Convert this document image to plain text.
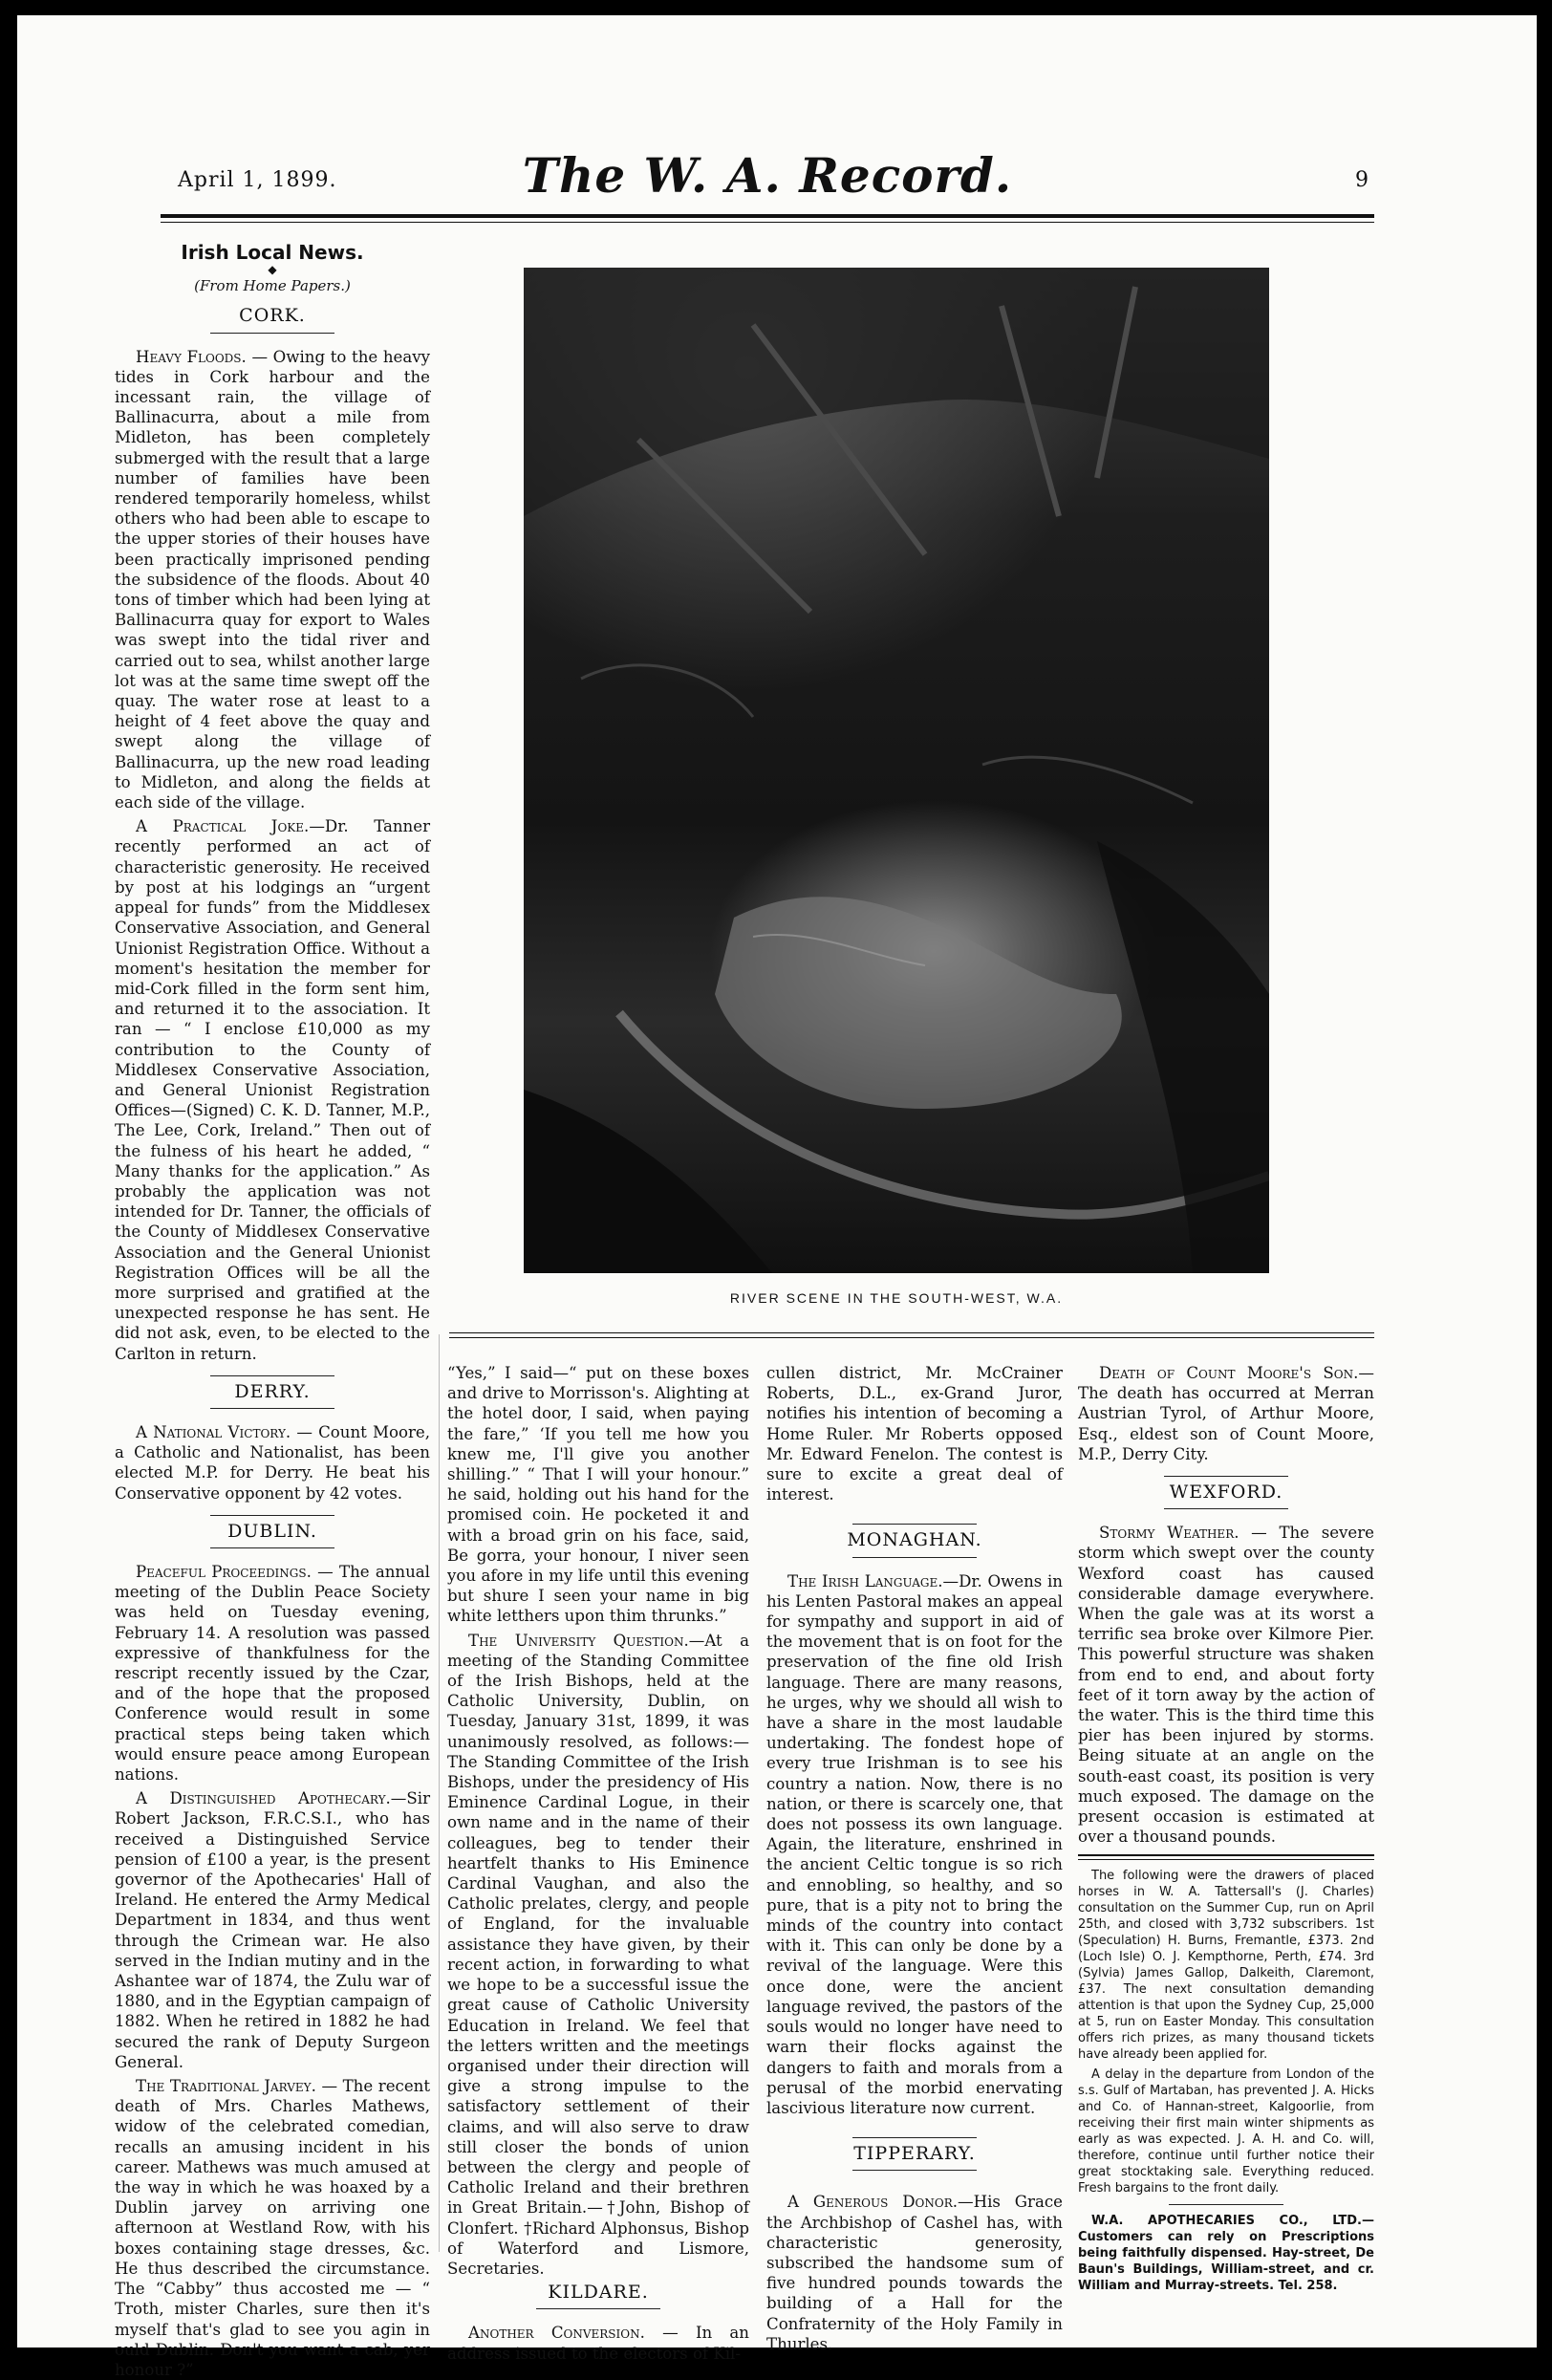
April 1, 1899.	The W. A. Record.	9
Irish Local News.
◆
(From Home Papers.)
CORK.

Heavy Floods. — Owing to the heavy tides in Cork harbour and the incessant rain, the village of Ballinacurra, about a mile from Midleton, has been completely submerged with the result that a large number of families have been rendered temporarily homeless, whilst others who had been able to escape to the upper stories of their houses have been practically imprisoned pending the subsidence of the floods. About 40 tons of timber which had been lying at Ballinacurra quay for export to Wales was swept into the tidal river and carried out to sea, whilst another large lot was at the same time swept off the quay. The water rose at least to a height of 4 feet above the quay and swept along the village of Ballinacurra, up the new road leading to Midleton, and along the fields at each side of the village.

A Practical Joke.—Dr. Tanner recently performed an act of characteristic generosity. He received by post at his lodgings an “urgent appeal for funds” from the Middlesex Conservative Association, and General Unionist Registration Office. Without a moment's hesitation the member for mid-Cork filled in the form sent him, and returned it to the association. It ran — “ I enclose £10,000 as my contribution to the County of Middlesex Conservative Association, and General Unionist Registration Offices—(Signed) C. K. D. Tanner, M.P., The Lee, Cork, Ireland.” Then out of the fulness of his heart he added, “ Many thanks for the application.” As probably the application was not intended for Dr. Tanner, the officials of the County of Middlesex Conservative Association and the General Unionist Registration Offices will be all the more surprised and gratified at the unexpected response he has sent. He did not ask, even, to be elected to the Carlton in return.

DERRY.

A National Victory. — Count Moore, a Catholic and Nationalist, has been elected M.P. for Derry. He beat his Conservative opponent by 42 votes.

DUBLIN.

Peaceful Proceedings. — The annual meeting of the Dublin Peace Society was held on Tuesday evening, February 14. A resolution was passed expressive of thankfulness for the rescript recently issued by the Czar, and of the hope that the proposed Conference would result in some practical steps being taken which would ensure peace among European nations.

A Distinguished Apothecary.—Sir Robert Jackson, F.R.C.S.I., who has received a Distinguished Service pension of £100 a year, is the present governor of the Apothecaries' Hall of Ireland. He entered the Army Medical Department in 1834, and thus went through the Crimean war. He also served in the Indian mutiny and in the Ashantee war of 1874, the Zulu war of 1880, and in the Egyptian campaign of 1882. When he retired in 1882 he had secured the rank of Deputy Surgeon General.

The Traditional Jarvey. — The recent death of Mrs. Charles Mathews, widow of the celebrated comedian, recalls an amusing incident in his career. Mathews was much amused at the way in which he was hoaxed by a Dublin jarvey on arriving one afternoon at Westland Row, with his boxes containing stage dresses, &c. He thus described the circumstance. The “Cabby” thus accosted me — “ Troth, mister Charles, sure then it's myself that's glad to see you agin in ould Dublin. Don't you want a cab, yer honour ?”

RIVER SCENE IN THE SOUTH-WEST, W.A.

“Yes,” I said—“ put on these boxes and drive to Morrisson's. Alighting at the hotel door, I said, when paying the fare,” ‘If you tell me how you knew me, I'll give you another shilling.” “ That I will your honour.” he said, holding out his hand for the promised coin. He pocketed it and with a broad grin on his face, said, Be gorra, your honour, I niver seen you afore in my life until this evening but shure I seen your name in big white letthers upon thim thrunks.”

The University Question.—At a meeting of the Standing Committee of the Irish Bishops, held at the Catholic University, Dublin, on Tuesday, January 31st, 1899, it was unanimously resolved, as follows:—The Standing Committee of the Irish Bishops, under the presidency of His Eminence Cardinal Logue, in their own name and in the name of their colleagues, beg to tender their heartfelt thanks to His Eminence Cardinal Vaughan, and also the Catholic prelates, clergy, and people of England, for the invaluable assistance they have given, by their recent action, in forwarding to what we hope to be a successful issue the great cause of Catholic University Education in Ireland. We feel that the letters written and the meetings organised under their direction will give a strong impulse to the satisfactory settlement of their claims, and will also serve to draw still closer the bonds of union between the clergy and people of Catholic Ireland and their brethren in Great Britain.—†John, Bishop of Clonfert. †Richard Alphonsus, Bishop of Waterford and Lismore, Secretaries.

KILDARE.

Another Conversion. — In an address issued to the electors of Kil-

cullen district, Mr. McCrainer Roberts, D.L., ex-Grand Juror, notifies his intention of becoming a Home Ruler. Mr Roberts opposed Mr. Edward Fenelon. The contest is sure to excite a great deal of interest.

MONAGHAN.

The Irish Language.—Dr. Owens in his Lenten Pastoral makes an appeal for sympathy and support in aid of the movement that is on foot for the preservation of the fine old Irish language. There are many reasons, he urges, why we should all wish to have a share in the most laudable undertaking. The fondest hope of every true Irishman is to see his country a nation. Now, there is no nation, or there is scarcely one, that does not possess its own language. Again, the literature, enshrined in the ancient Celtic tongue is so rich and ennobling, so healthy, and so pure, that is a pity not to bring the minds of the country into contact with it. This can only be done by a revival of the language. Were this once done, were the ancient language revived, the pastors of the souls would no longer have need to warn their flocks against the dangers to faith and morals from a perusal of the morbid enervating lascivious literature now current.

TIPPERARY.

A Generous Donor.—His Grace the Archbishop of Cashel has, with characteristic generosity, subscribed the handsome sum of five hundred pounds towards the building of a Hall for the Confraternity of the Holy Family in Thurles.

Death of Count Moore's Son.— The death has occurred at Merran Austrian Tyrol, of Arthur Moore, Esq., eldest son of Count Moore, M.P., Derry City.

WEXFORD.

Stormy Weather. — The severe storm which swept over the county Wexford coast has caused considerable damage everywhere. When the gale was at its worst a terrific sea broke over Kilmore Pier. This powerful structure was shaken from end to end, and about forty feet of it torn away by the action of the water. This is the third time this pier has been injured by storms. Being situate at an angle on the south-east coast, its position is very much exposed. The damage on the present occasion is estimated at over a thousand pounds.

The following were the drawers of placed horses in W. A. Tattersall's (J. Charles) consultation on the Summer Cup, run on April 25th, and closed with 3,732 subscribers. 1st (Speculation) H. Burns, Fremantle, £373. 2nd (Loch Isle) O. J. Kempthorne, Perth, £74. 3rd (Sylvia) James Gallop, Dalkeith, Claremont, £37. The next consultation demanding attention is that upon the Sydney Cup, 25,000 at 5, run on Easter Monday. This consultation offers rich prizes, as many thousand tickets have already been applied for.

A delay in the departure from London of the s.s. Gulf of Martaban, has prevented J. A. Hicks and Co. of Hannan-street, Kalgoorlie, from receiving their first main winter shipments as early as was expected. J. A. H. and Co. will, therefore, continue until further notice their great stocktaking sale. Everything reduced. Fresh bargains to the front daily.

W.A. APOTHECARIES CO., LTD.— Customers can rely on Prescriptions being faithfully dispensed. Hay-street, De Baun's Buildings, William-street, and cr. William and Murray-streets. Tel. 258.
